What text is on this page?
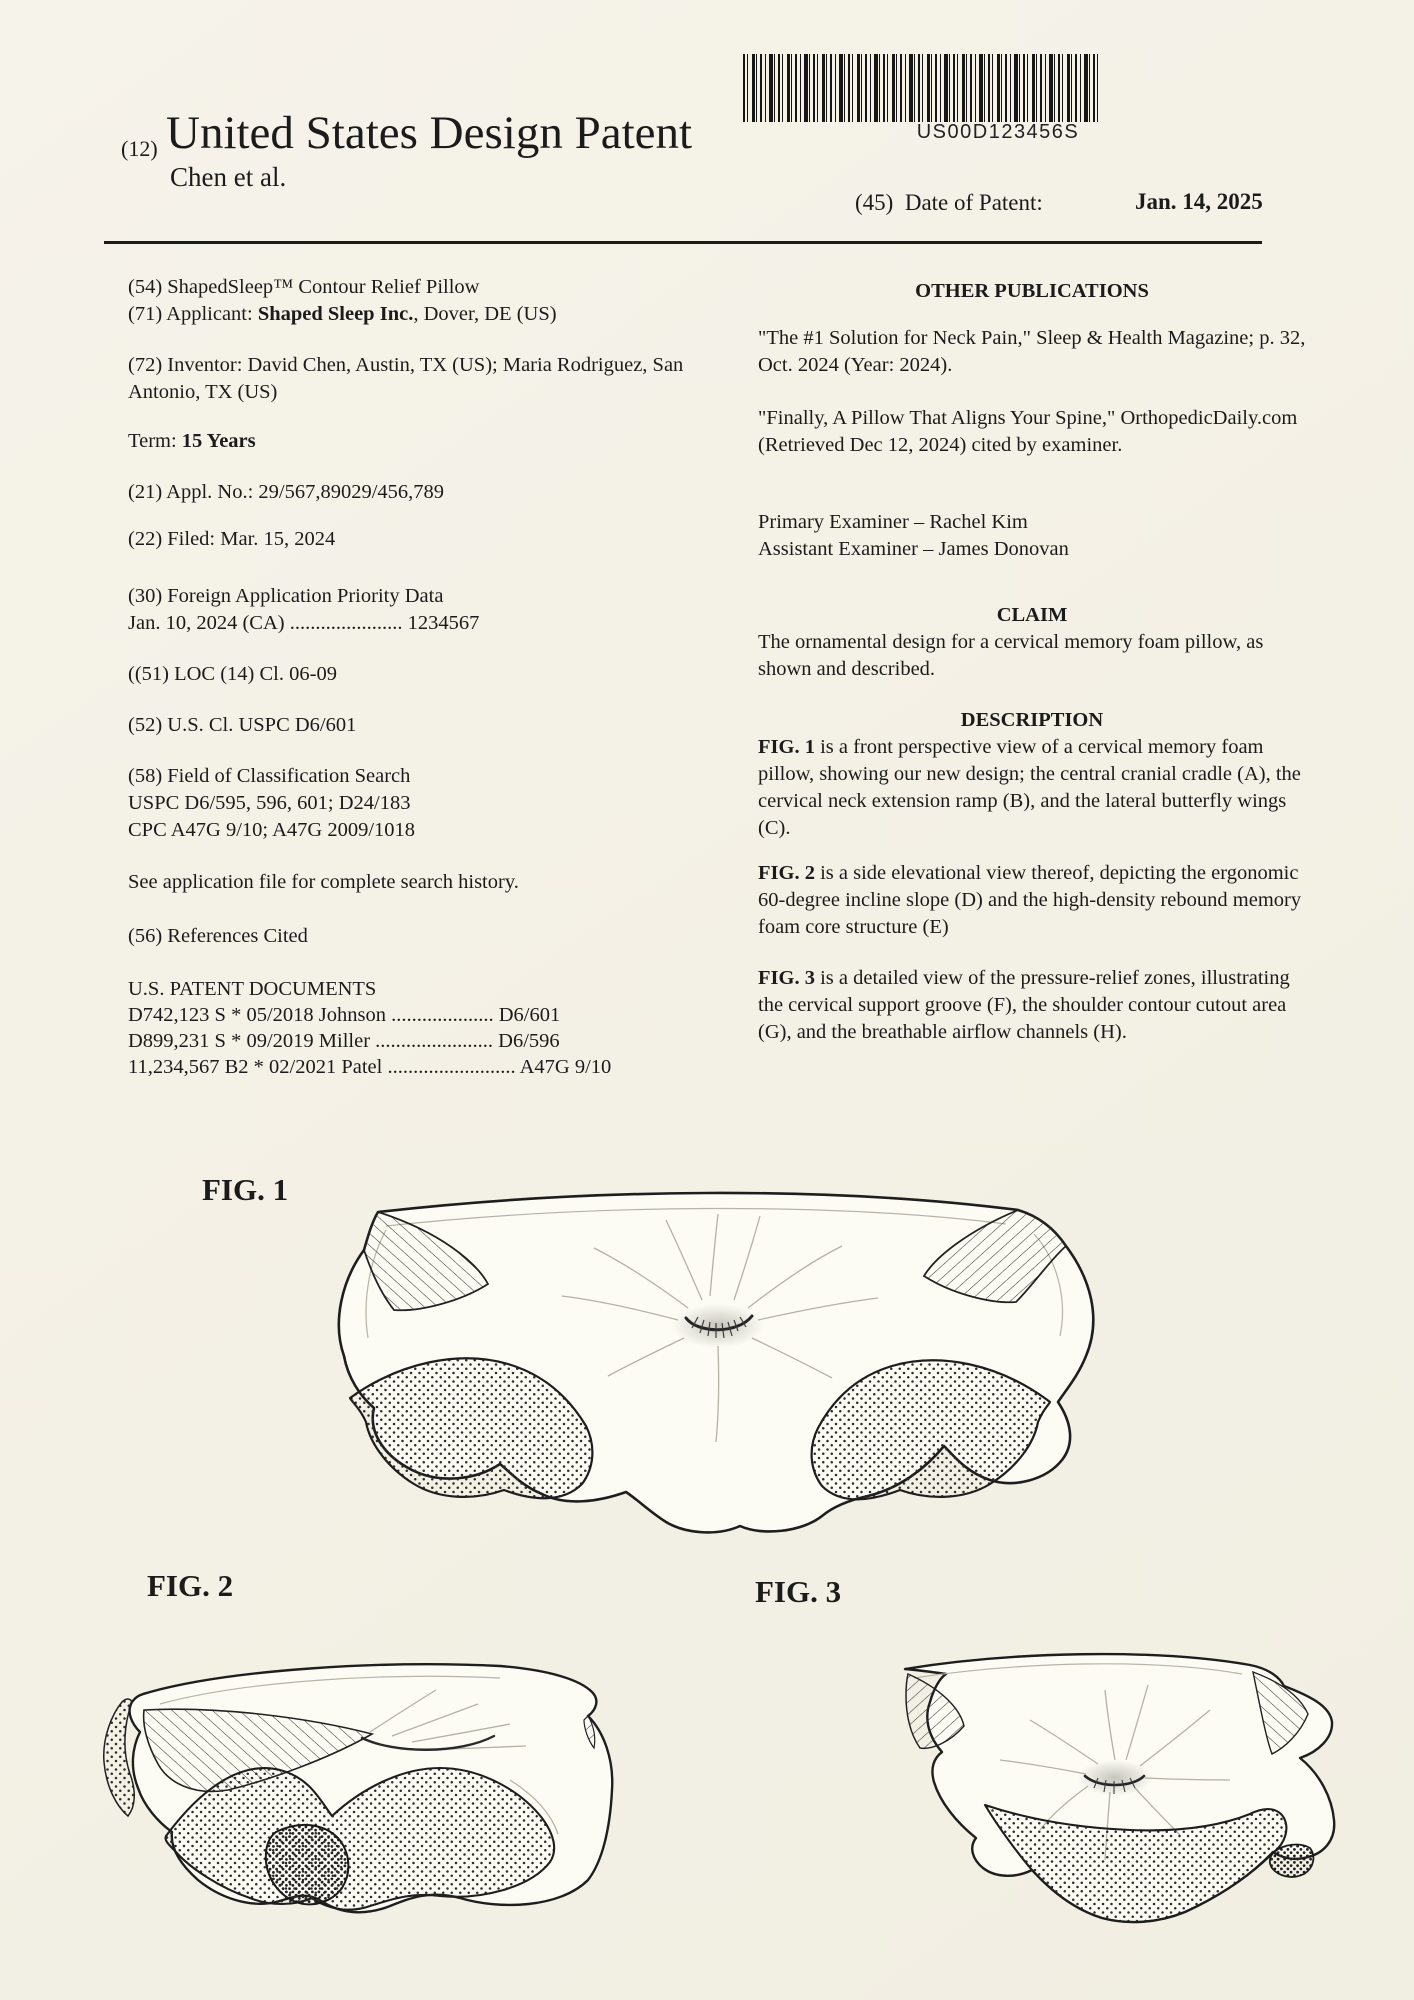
US00D123456S
(12) United States Design Patent
Chen et al.
(45) Date of Patent:	Jan. 14, 2025
(54) ShapedSleep™ Contour Relief Pillow
(71) Applicant: Shaped Sleep Inc., Dover, DE (US)
(72) Inventor: David Chen, Austin, TX (US); Maria Rodriguez, San Antonio, TX (US)
Term: 15 Years
(21) Appl. No.: 29/567,89029/456,789
(22) Filed: Mar. 15, 2024
(30) Foreign Application Priority Data
Jan. 10, 2024 (CA) ...................... 1234567
((51) LOC (14) Cl. 06-09
(52) U.S. Cl. USPC D6/601
(58) Field of Classification Search
USPC D6/595, 596, 601; D24/183
CPC A47G 9/10; A47G 2009/1018
See application file for complete search history.
(56) References Cited
U.S. PATENT DOCUMENTS
D742,123 S * 05/2018 Johnson .................... D6/601
D899,231 S * 09/2019 Miller ....................... D6/596
11,234,567 B2 * 02/2021 Patel ......................... A47G 9/10
OTHER PUBLICATIONS
"The #1 Solution for Neck Pain," Sleep & Health Magazine; p. 32, Oct. 2024 (Year: 2024).
"Finally, A Pillow That Aligns Your Spine," OrthopedicDaily.com (Retrieved Dec 12, 2024) cited by examiner.
Primary Examiner – Rachel Kim
Assistant Examiner – James Donovan
CLAIM
The ornamental design for a cervical memory foam pillow, as shown and described.
DESCRIPTION
FIG. 1 is a front perspective view of a cervical memory foam pillow, showing our new design; the central cranial cradle (A), the cervical neck extension ramp (B), and the lateral butterfly wings (C).
FIG. 2 is a side elevational view thereof, depicting the ergonomic 60-degree incline slope (D) and the high-density rebound memory foam core structure (E)
FIG. 3 is a detailed view of the pressure-relief zones, illustrating the cervical support groove (F), the shoulder contour cutout area (G), and the breathable airflow channels (H).
FIG. 1
FIG. 2	FIG. 3
